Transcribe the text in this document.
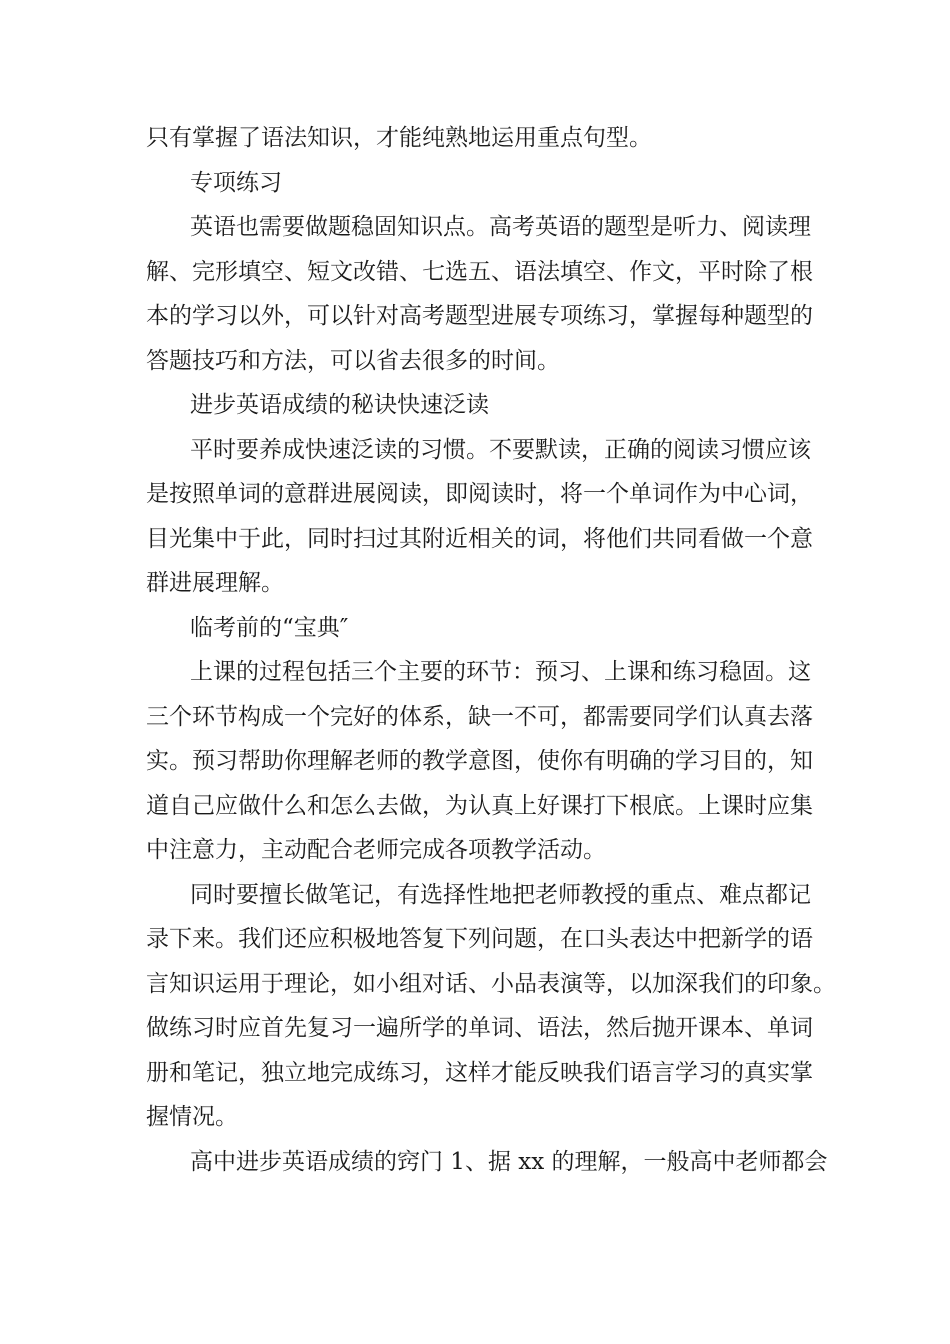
只有掌握了语法知识，才能纯熟地运用重点句型。
专项练习
英语也需要做题稳固知识点。高考英语的题型是听力、阅读理
解、完形填空、短文改错、七选五、语法填空、作文，平时除了根
本的学习以外，可以针对高考题型进展专项练习，掌握每种题型的
答题技巧和方法，可以省去很多的时间。
进步英语成绩的秘诀快速泛读
平时要养成快速泛读的习惯。不要默读，正确的阅读习惯应该
是按照单词的意群进展阅读，即阅读时，将一个单词作为中心词，
目光集中于此，同时扫过其附近相关的词，将他们共同看做一个意
群进展理解。
临考前的“宝典″
上课的过程包括三个主要的环节：预习、上课和练习稳固。这
三个环节构成一个完好的体系，缺一不可，都需要同学们认真去落
实。预习帮助你理解老师的教学意图，使你有明确的学习目的，知
道自己应做什么和怎么去做，为认真上好课打下根底。上课时应集
中注意力，主动配合老师完成各项教学活动。
同时要擅长做笔记，有选择性地把老师教授的重点、难点都记
录下来。我们还应积极地答复下列问题，在口头表达中把新学的语
言知识运用于理论，如小组对话、小品表演等，以加深我们的印象。
做练习时应首先复习一遍所学的单词、语法，然后抛开课本、单词
册和笔记，独立地完成练习，这样才能反映我们语言学习的真实掌
握情况。
高中进步英语成绩的窍门 1、据 xx 的理解，一般高中老师都会
